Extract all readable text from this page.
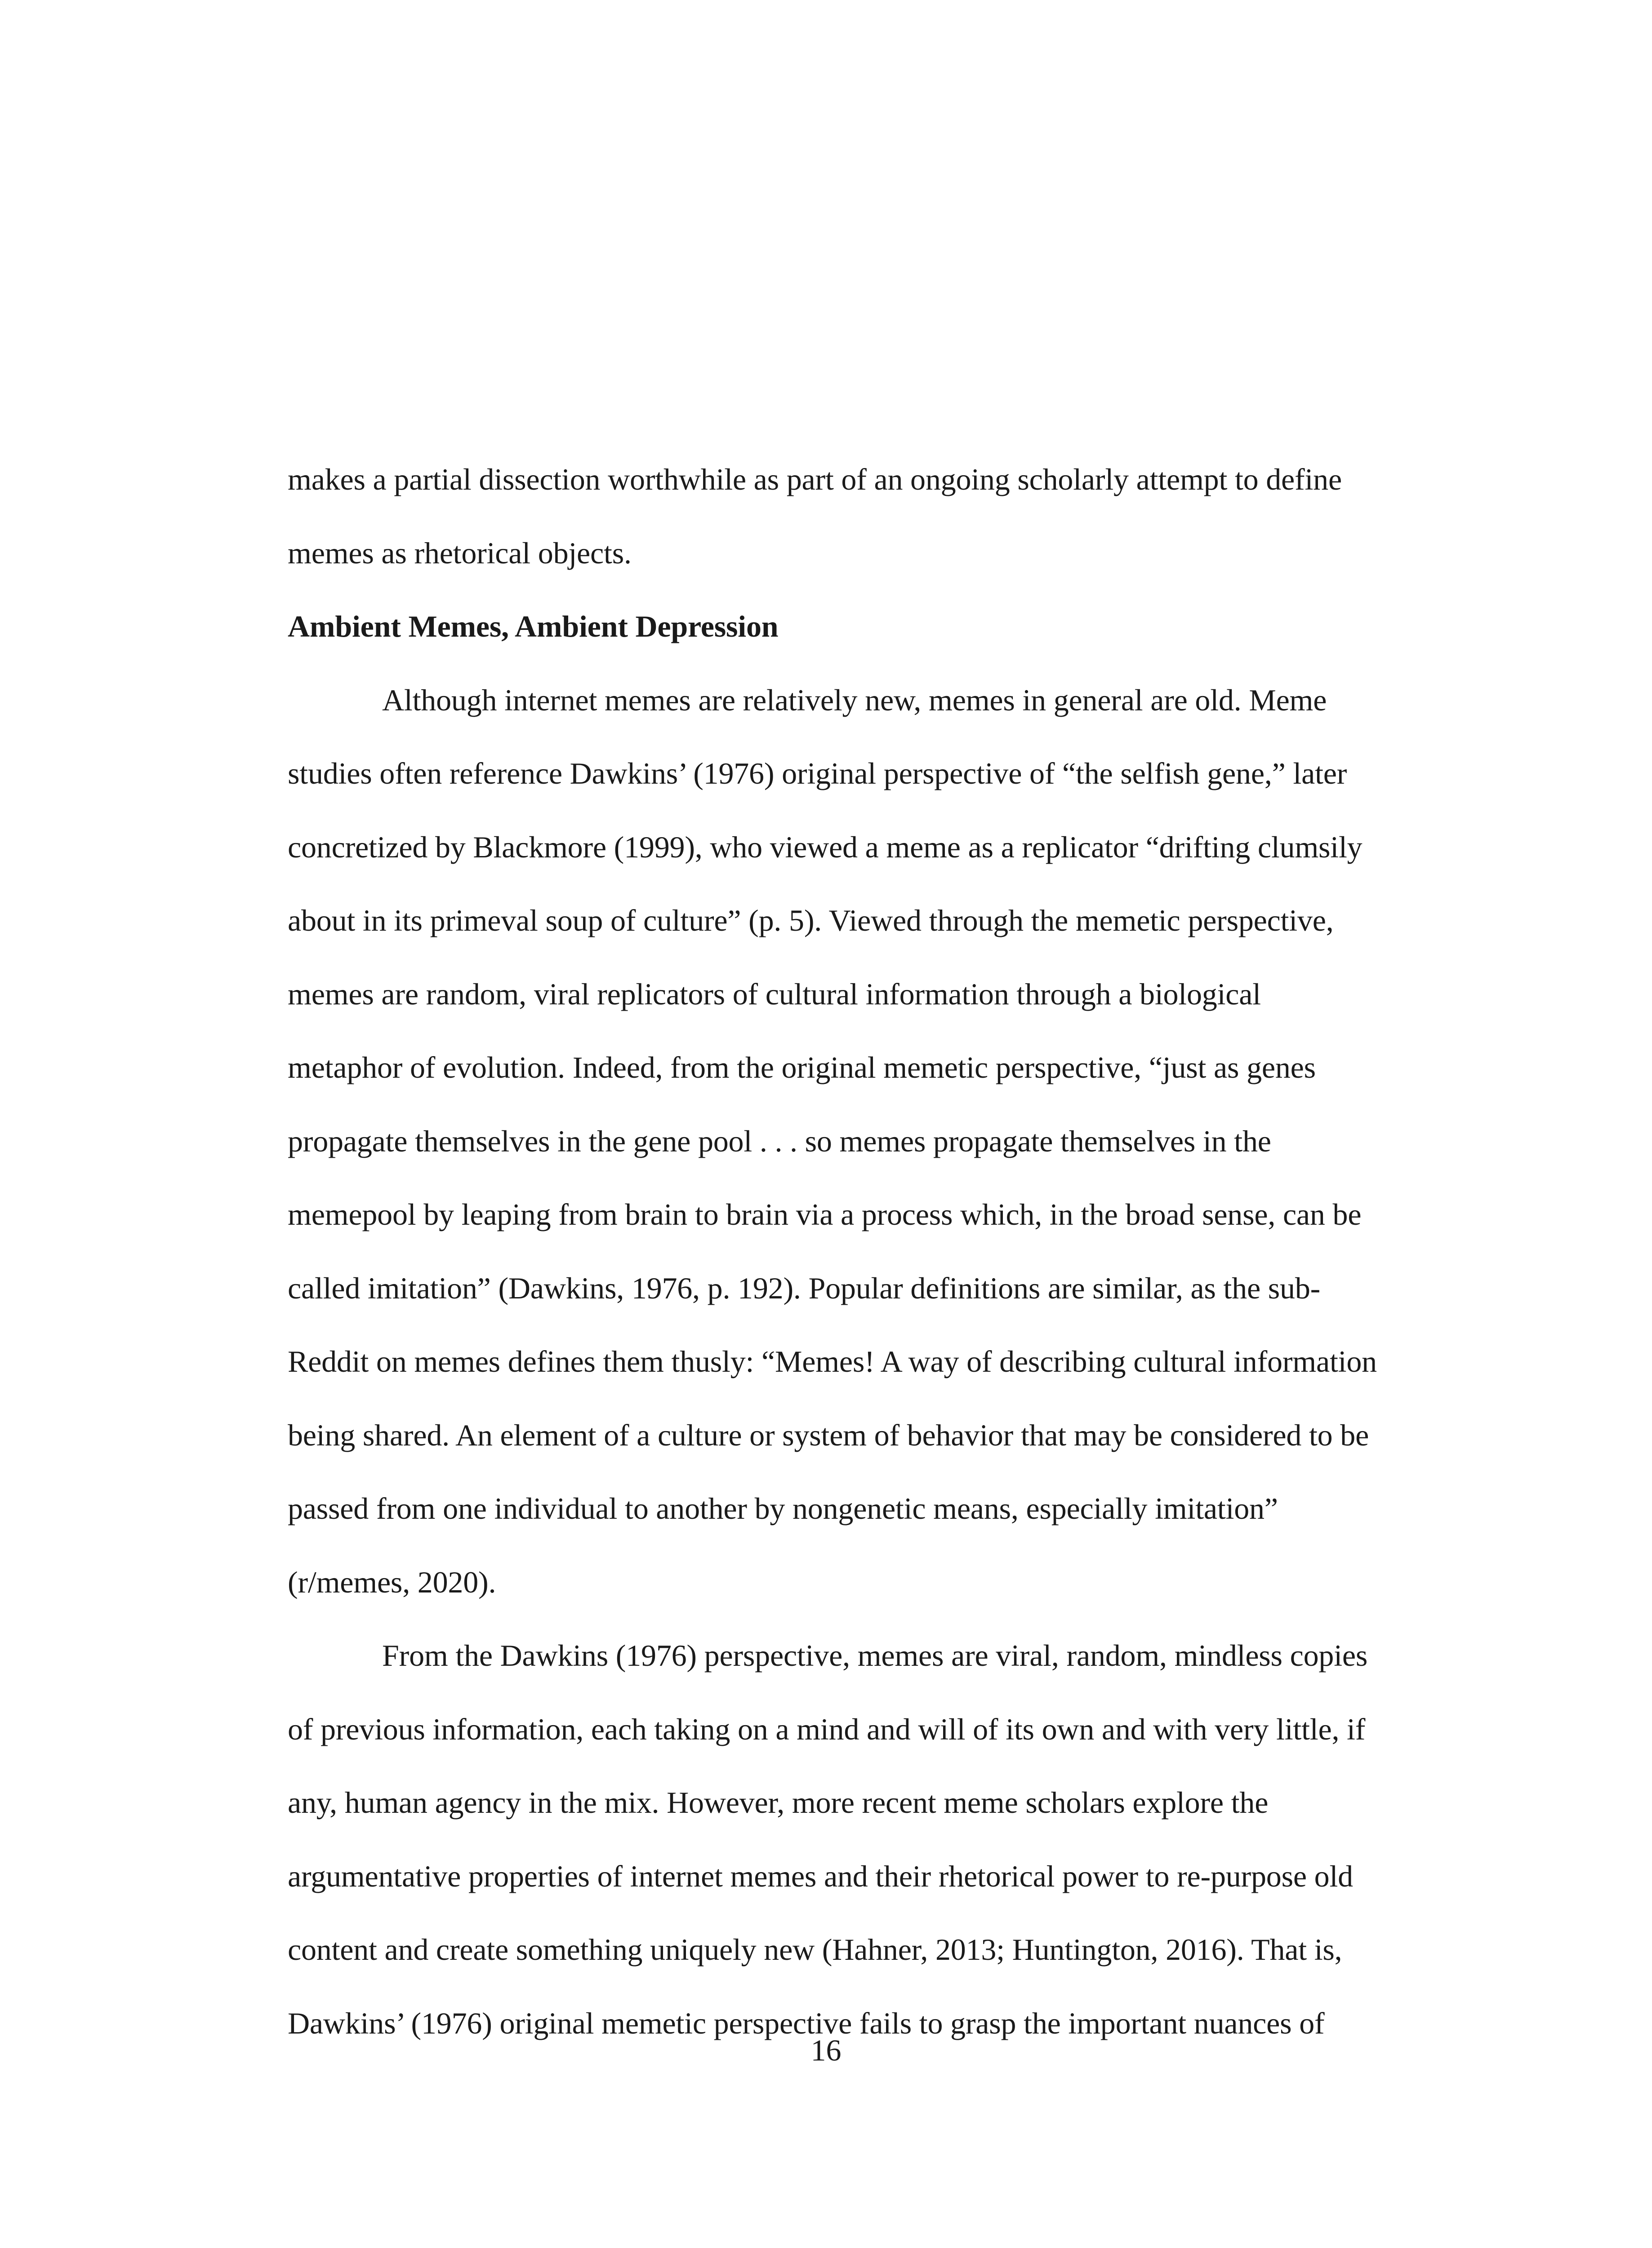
makes a partial dissection worthwhile as part of an ongoing scholarly attempt to define
memes as rhetorical objects.
Ambient Memes, Ambient Depression
Although internet memes are relatively new, memes in general are old. Meme
studies often reference Dawkins’ (1976) original perspective of “the selfish gene,” later
concretized by Blackmore (1999), who viewed a meme as a replicator “drifting clumsily
about in its primeval soup of culture” (p. 5). Viewed through the memetic perspective,
memes are random, viral replicators of cultural information through a biological
metaphor of evolution. Indeed, from the original memetic perspective, “just as genes
propagate themselves in the gene pool . . . so memes propagate themselves in the
memepool by leaping from brain to brain via a process which, in the broad sense, can be
called imitation” (Dawkins, 1976, p. 192). Popular definitions are similar, as the sub-
Reddit on memes defines them thusly: “Memes! A way of describing cultural information
being shared. An element of a culture or system of behavior that may be considered to be
passed from one individual to another by nongenetic means, especially imitation”
(r/memes, 2020).
From the Dawkins (1976) perspective, memes are viral, random, mindless copies
of previous information, each taking on a mind and will of its own and with very little, if
any, human agency in the mix. However, more recent meme scholars explore the
argumentative properties of internet memes and their rhetorical power to re-purpose old
content and create something uniquely new (Hahner, 2013; Huntington, 2016). That is,
Dawkins’ (1976) original memetic perspective fails to grasp the important nuances of
16
